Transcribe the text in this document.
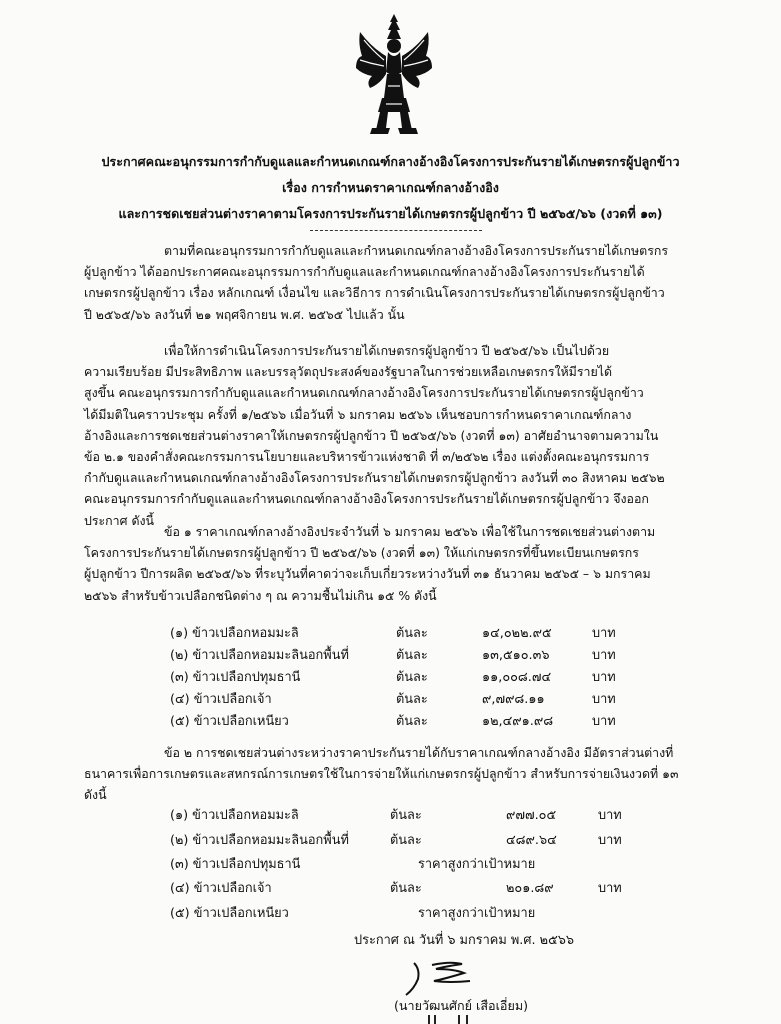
ประกาศคณะอนุกรรมการกำกับดูแลและกำหนดเกณฑ์กลางอ้างอิงโครงการประกันรายได้เกษตรกรผู้ปลูกข้าว
เรื่อง การกำหนดราคาเกณฑ์กลางอ้างอิง
และการชดเชยส่วนต่างราคาตามโครงการประกันรายได้เกษตรกรผู้ปลูกข้าว ปี ๒๕๖๕/๖๖ (งวดที่ ๑๓)
ตามที่คณะอนุกรรมการกำกับดูแลและกำหนดเกณฑ์กลางอ้างอิงโครงการประกันรายได้เกษตรกร
ผู้ปลูกข้าว ได้ออกประกาศคณะอนุกรรมการกำกับดูแลและกำหนดเกณฑ์กลางอ้างอิงโครงการประกันรายได้
เกษตรกรผู้ปลูกข้าว เรื่อง หลักเกณฑ์ เงื่อนไข และวิธีการ การดำเนินโครงการประกันรายได้เกษตรกรผู้ปลูกข้าว
ปี ๒๕๖๕/๖๖ ลงวันที่ ๒๑ พฤศจิกายน พ.ศ. ๒๕๖๕ ไปแล้ว นั้น
เพื่อให้การดำเนินโครงการประกันรายได้เกษตรกรผู้ปลูกข้าว ปี ๒๕๖๕/๖๖ เป็นไปด้วย
ความเรียบร้อย มีประสิทธิภาพ และบรรลุวัตถุประสงค์ของรัฐบาลในการช่วยเหลือเกษตรกรให้มีรายได้
สูงขึ้น คณะอนุกรรมการกำกับดูแลและกำหนดเกณฑ์กลางอ้างอิงโครงการประกันรายได้เกษตรกรผู้ปลูกข้าว
ได้มีมติในคราวประชุม ครั้งที่ ๑/๒๕๖๖ เมื่อวันที่ ๖ มกราคม ๒๕๖๖ เห็นชอบการกำหนดราคาเกณฑ์กลาง
อ้างอิงและการชดเชยส่วนต่างราคาให้เกษตรกรผู้ปลูกข้าว ปี ๒๕๖๕/๖๖ (งวดที่ ๑๓) อาศัยอำนาจตามความใน
ข้อ ๒.๑ ของคำสั่งคณะกรรมการนโยบายและบริหารข้าวแห่งชาติ ที่ ๓/๒๕๖๒ เรื่อง แต่งตั้งคณะอนุกรรมการ
กำกับดูแลและกำหนดเกณฑ์กลางอ้างอิงโครงการประกันรายได้เกษตรกรผู้ปลูกข้าว ลงวันที่ ๓๐ สิงหาคม ๒๕๖๒
คณะอนุกรรมการกำกับดูแลและกำหนดเกณฑ์กลางอ้างอิงโครงการประกันรายได้เกษตรกรผู้ปลูกข้าว จึงออก
ประกาศ ดังนี้
ข้อ ๑ ราคาเกณฑ์กลางอ้างอิงประจำวันที่ ๖ มกราคม ๒๕๖๖ เพื่อใช้ในการชดเชยส่วนต่างตาม
โครงการประกันรายได้เกษตรกรผู้ปลูกข้าว ปี ๒๕๖๕/๖๖ (งวดที่ ๑๓) ให้แก่เกษตรกรที่ขึ้นทะเบียนเกษตรกร
ผู้ปลูกข้าว ปีการผลิต ๒๕๖๕/๖๖ ที่ระบุวันที่คาดว่าจะเก็บเกี่ยวระหว่างวันที่ ๓๑ ธันวาคม ๒๕๖๕ – ๖ มกราคม
๒๕๖๖ สำหรับข้าวเปลือกชนิดต่าง ๆ ณ ความชื้นไม่เกิน ๑๕ % ดังนี้
(๑) ข้าวเปลือกหอมมะลิ	ต้นละ	๑๔,๐๒๒.๙๕	บาท
(๒) ข้าวเปลือกหอมมะลินอกพื้นที่	ต้นละ	๑๓,๕๑๐.๓๖	บาท
(๓) ข้าวเปลือกปทุมธานี	ต้นละ	๑๑,๐๐๘.๗๔	บาท
(๔) ข้าวเปลือกเจ้า	ต้นละ	๙,๗๙๘.๑๑	บาท
(๕) ข้าวเปลือกเหนียว	ต้นละ	๑๒,๔๙๑.๙๘	บาท
ข้อ ๒ การชดเชยส่วนต่างระหว่างราคาประกันรายได้กับราคาเกณฑ์กลางอ้างอิง มีอัตราส่วนต่างที่
ธนาคารเพื่อการเกษตรและสหกรณ์การเกษตรใช้ในการจ่ายให้แก่เกษตรกรผู้ปลูกข้าว สำหรับการจ่ายเงินงวดที่ ๑๓
ดังนี้
(๑) ข้าวเปลือกหอมมะลิ	ต้นละ	๙๗๗.๐๕	บาท
(๒) ข้าวเปลือกหอมมะลินอกพื้นที่	ต้นละ	๔๘๙.๖๔	บาท
(๓) ข้าวเปลือกปทุมธานี	ราคาสูงกว่าเป้าหมาย
(๔) ข้าวเปลือกเจ้า	ต้นละ	๒๐๑.๘๙	บาท
(๕) ข้าวเปลือกเหนียว	ราคาสูงกว่าเป้าหมาย
ประกาศ ณ วันที่ ๖ มกราคม พ.ศ. ๒๕๖๖
(นายวัฒนศักย์ เสือเอี่ยม)
